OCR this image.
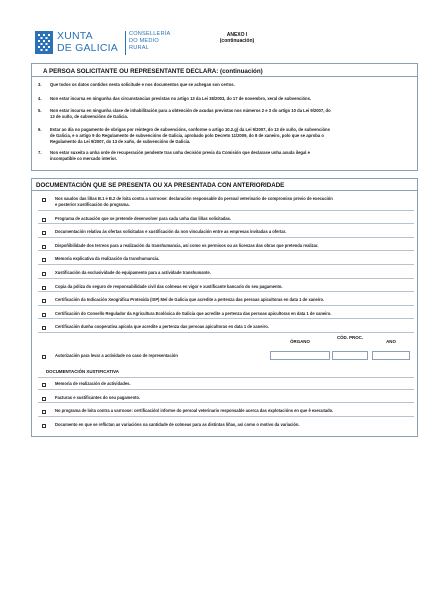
XUNTA
DE GALICIA
CONSELLERÍA
DO MEDIO
RURAL
ANEXO I
(continuación)
A PERSOA SOLICITANTE OU REPRESENTANTE DECLARA: (continuación)
3. Que todos os datos contidos nesta solicitude e nos documentos que se achegan son certos.
4. Non estar incursa en ningunha das circunstancias previstas no artigo 13 da Lei 38/2003, do 17 de novembro, xeral de subvencións.
5. Non estar incursa en ningunha clase de inhabilitación para a obtención de axudas previstas nos números 2 e 3 do artigo 10 da Lei 9/2007, do
13 de xuño, de subvencións de Galicia.
6. Estar ao día no pagamento de obrigas por reintegro de subvencións, conforme o artigo 10.2.g) da Lei 9/2007, do 13 de xuño, de subvencións
de Galicia, e o artigo 9 do Regulamento de subvencións de Galicia, aprobado polo Decreto 11/2009, do 8 de xaneiro, polo que se aproba o
Regulamento da Lei 9/2007, do 13 de xuño, de subvencións de Galicia.
7. Non estar suxeita a unha orde de recuperación pendente tras unha decisión previa da Comisión que declarase unha axuda ilegal e
incompatible co mercado interior.
DOCUMENTACIÓN QUE SE PRESENTA OU XA PRESENTADA CON ANTERIORIDADE
Nos saudos das liñas B.1 e B.2 de loita contra a varroose: declaración responsable do persoal veterinario de compromiso previo de execución
e posterior xustificación do programa.
Programa de actuación que se pretende desenvolver para cada unha das liñas solicitadas.
Documentación relativa ás ofertas solicitadas e xustificación da non vinculación entre as empresas invitadas a ofertar.
Dispoñibilidade dos terreos para a realización da transhumancia, así como os permisos ou as licenzas das obras que pretenda realizar.
Memoria explicativa da realización da transhumancia.
Xustificación da exclusividade do equipamento para a actividade transhumante.
Copia da póliza do seguro de responsabilidade civil das colmeas en vigor e xustificante bancario do seu pagamento.
Certificación da Indicación Xeográfica Protexida (IXP) Mel de Galicia que acredite a pertenza das persoas apicultoras en data 1 de xaneiro.
Certificación do Consello Regulador da Agricultura Ecolóxica de Galicia que acredite a pertenza das persoas apicultoras en data 1 de xaneiro.
Certificación dunha cooperativa apícola que acredite a pertenza das persoas apicultoras en data 1 de xaneiro.
ÓRGANO
CÓD. PROC.
ANO
Autorización para levar a actividade no caso de representación
DOCUMENTACIÓN XUSTIFICATIVA
Memoria de realización de actividades.
Facturas e xustificantes do seu pagamento.
No programa de loita contra a varroose: certificación/ informe do persoal veterinario responsable acerca das explotacións en que ê executado.
Documento en que se reflictan as variacións na cantidade de colmeas para as distintas liñas, así como o motivo da variación.
